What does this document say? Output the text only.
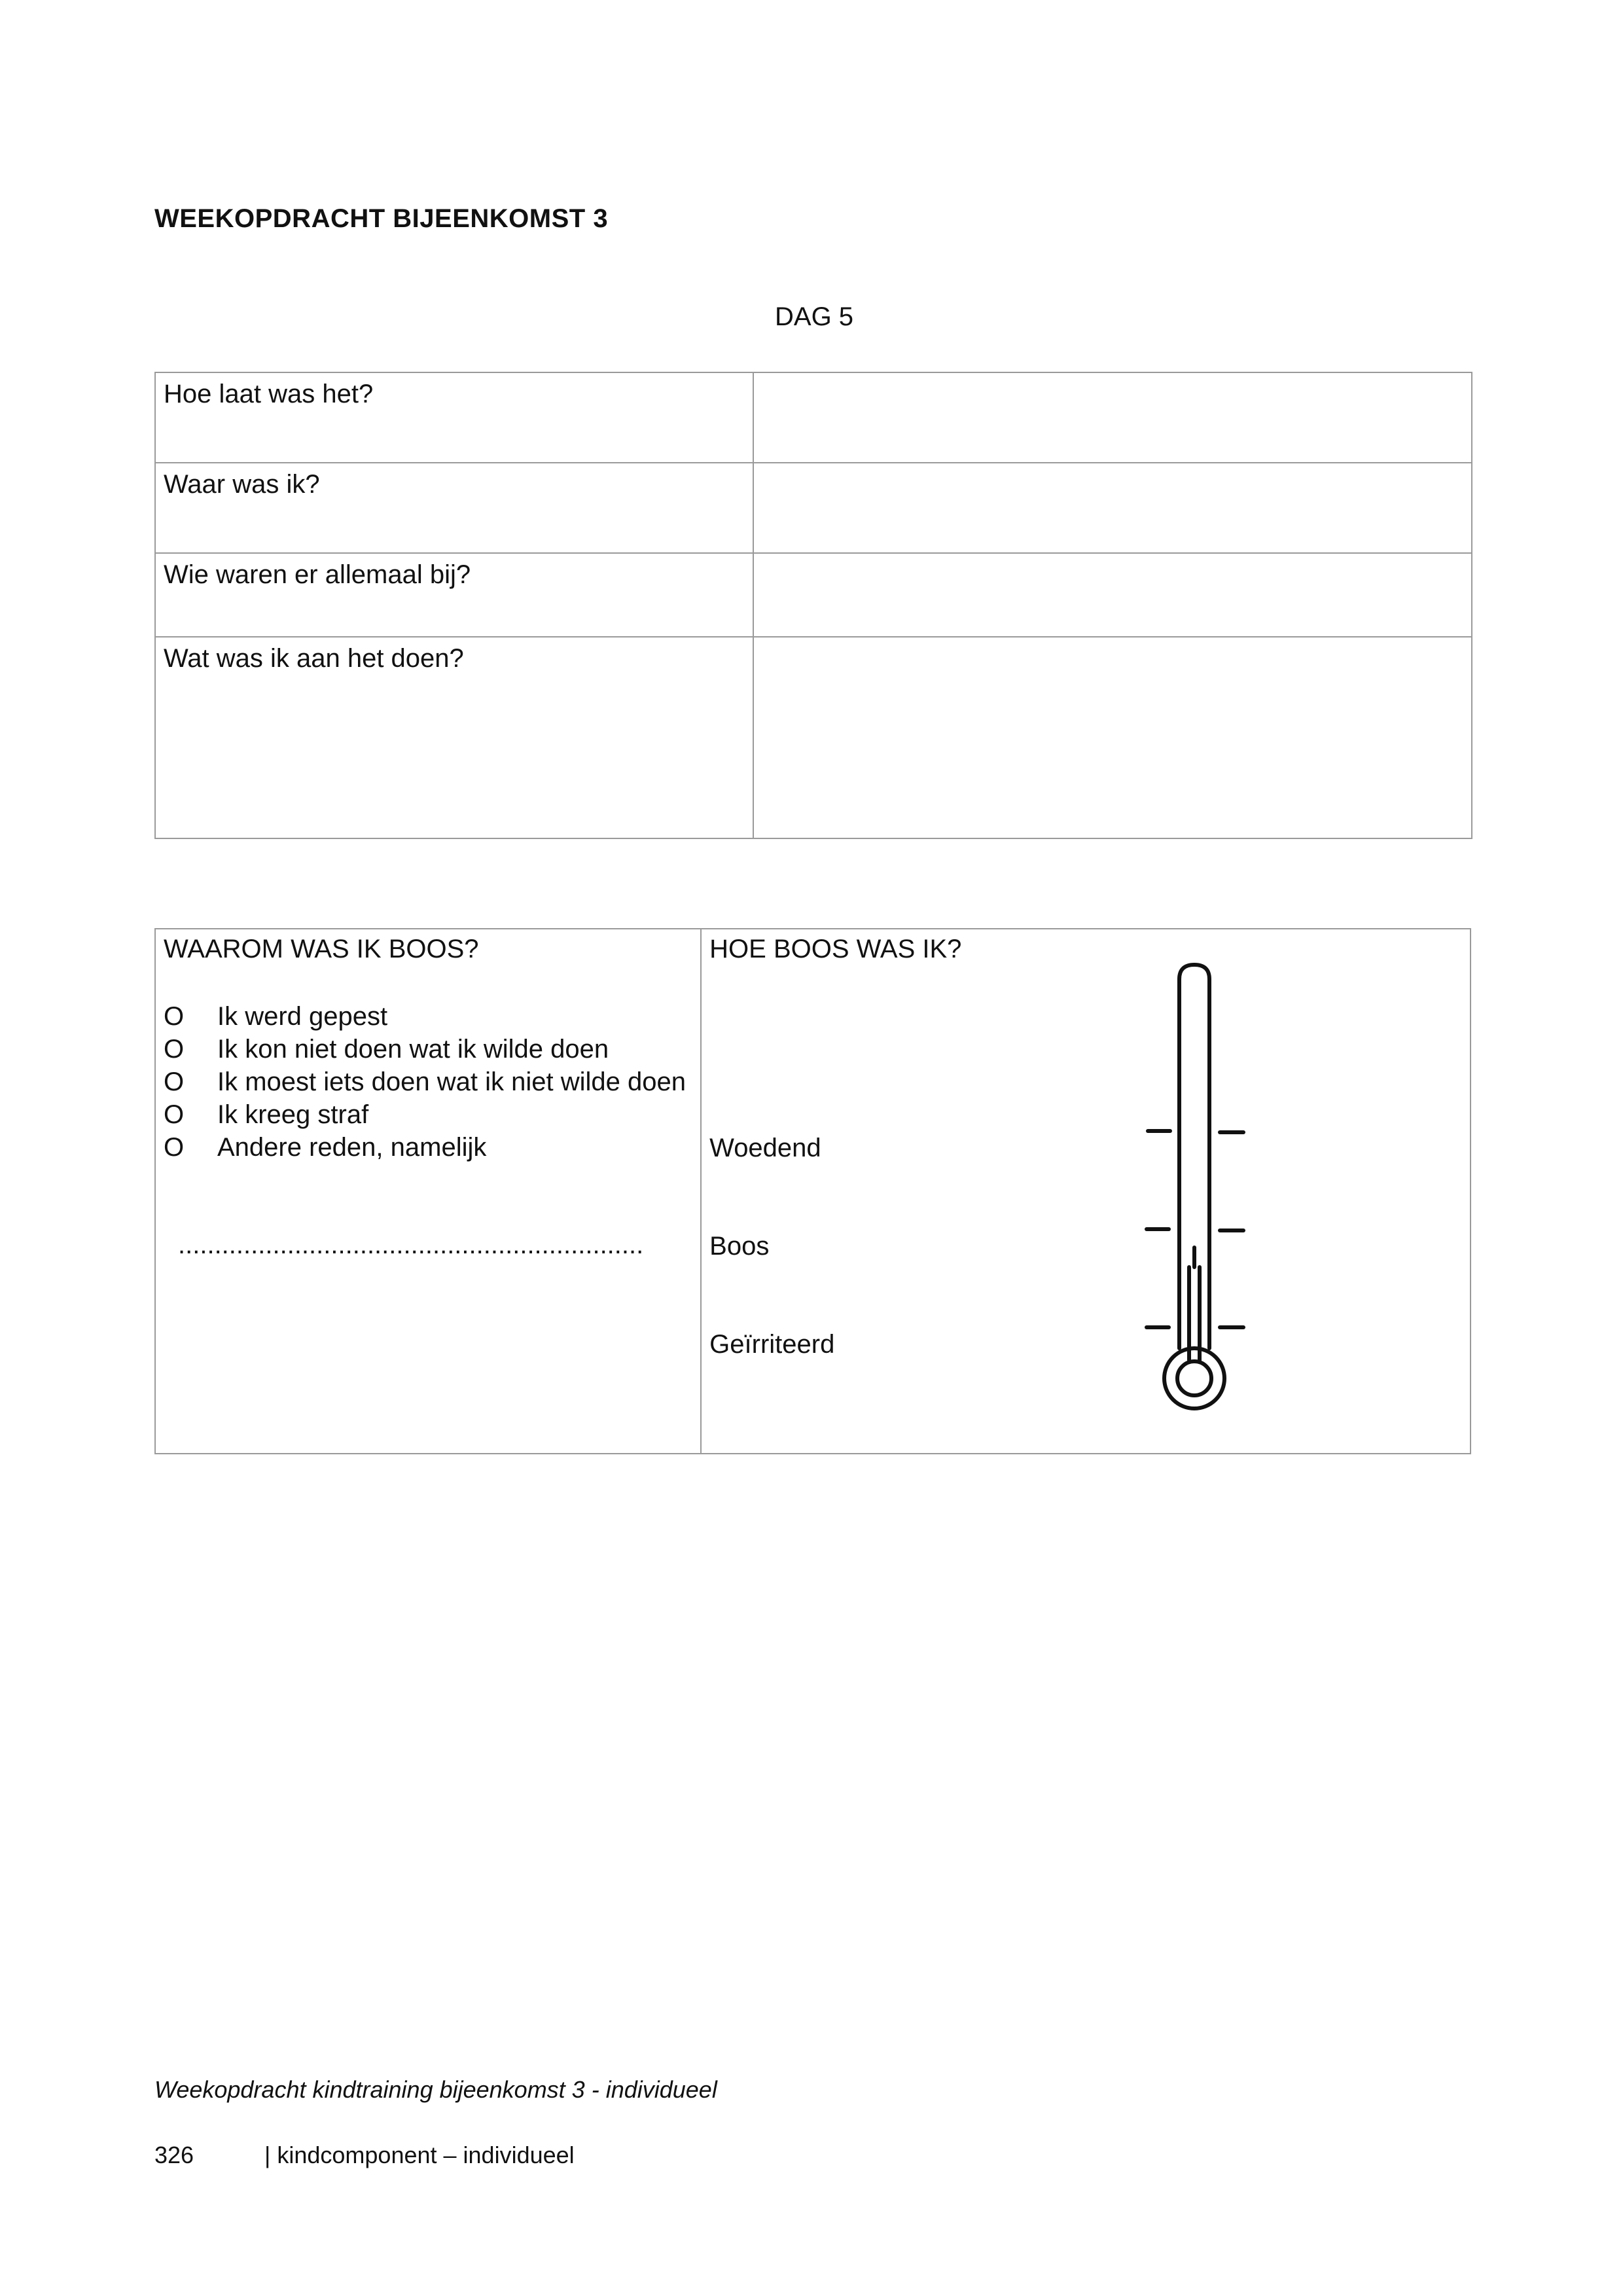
WEEKOPDRACHT BIJEENKOMST 3
DAG 5
Hoe laat was het?	
Waar was ik?	
Wie waren er allemaal bij?	
Wat was ik aan het doen?	
WAAROM WAS IK BOOS?
O	Ik werd gepest
O	Ik kon niet doen wat ik wilde doen
O	Ik moest iets doen wat ik niet wilde doen
O	Ik kreeg straf
O	Andere reden, namelijk
................................................................

HOE BOOS WAS IK?
Woedend
Boos
Geïrriteerd
Weekopdracht kindtraining bijeenkomst 3 - individueel
326	| kindcomponent – individueel
